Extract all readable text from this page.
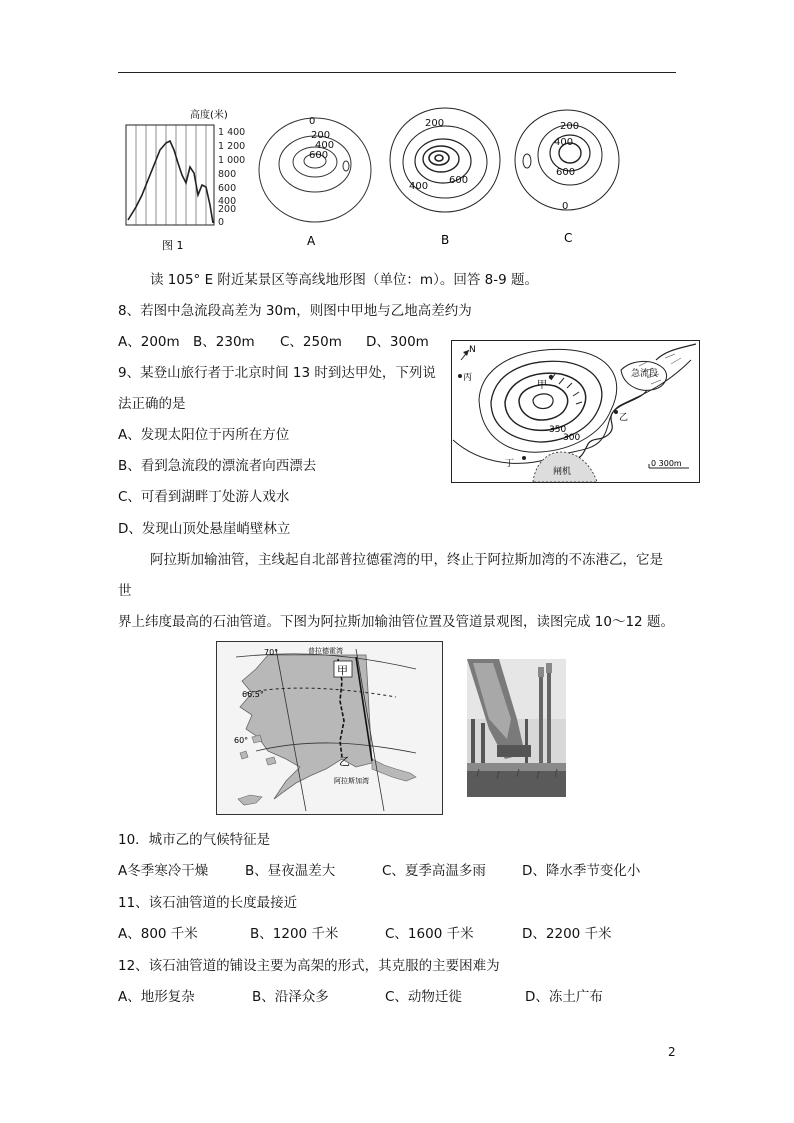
高度(米)
1 400
1 200
1 000
800
600
400
200
0
图 1
0
200
400
600
A
200
400
600
B
200
400
600
0
C
读 105° E 附近某景区等高线地形图（单位：m）。回答 8-9 题。
8、若图中急流段高差为 30m，则图中甲地与乙地高差约为
A、200m B、230m C、250m D、300m	N
甲
丙	急流段
乙
350
300
丁
闸机
0 300m
9、某登山旅行者于北京时间 13 时到达甲处，下列说
法正确的是
A、发现太阳位于丙所在方位
B、看到急流段的漂流者向西漂去
C、可看到湖畔丁处游人戏水
D、发现山顶处悬崖峭壁林立
阿拉斯加输油管，主线起自北部普拉德霍湾的甲，终止于阿拉斯加湾的不冻港乙，它是
世
界上纬度最高的石油管道。下图为阿拉斯加输油管位置及管道景观图，读图完成 10～12 题。
甲
普拉德霍湾
乙
阿拉斯加湾
70°
66.5°
60°
10．城市乙的气候特征是
A冬季寒冷干燥	B、昼夜温差大	C、夏季高温多雨	D、降水季节变化小
11、该石油管道的长度最接近
A、800 千米	B、1200 千米	C、1600 千米	D、2200 千米
12、该石油管道的铺设主要为高架的形式，其克服的主要困难为
A、地形复杂	B、沿泽众多	C、动物迁徙	D、冻土广布
2
